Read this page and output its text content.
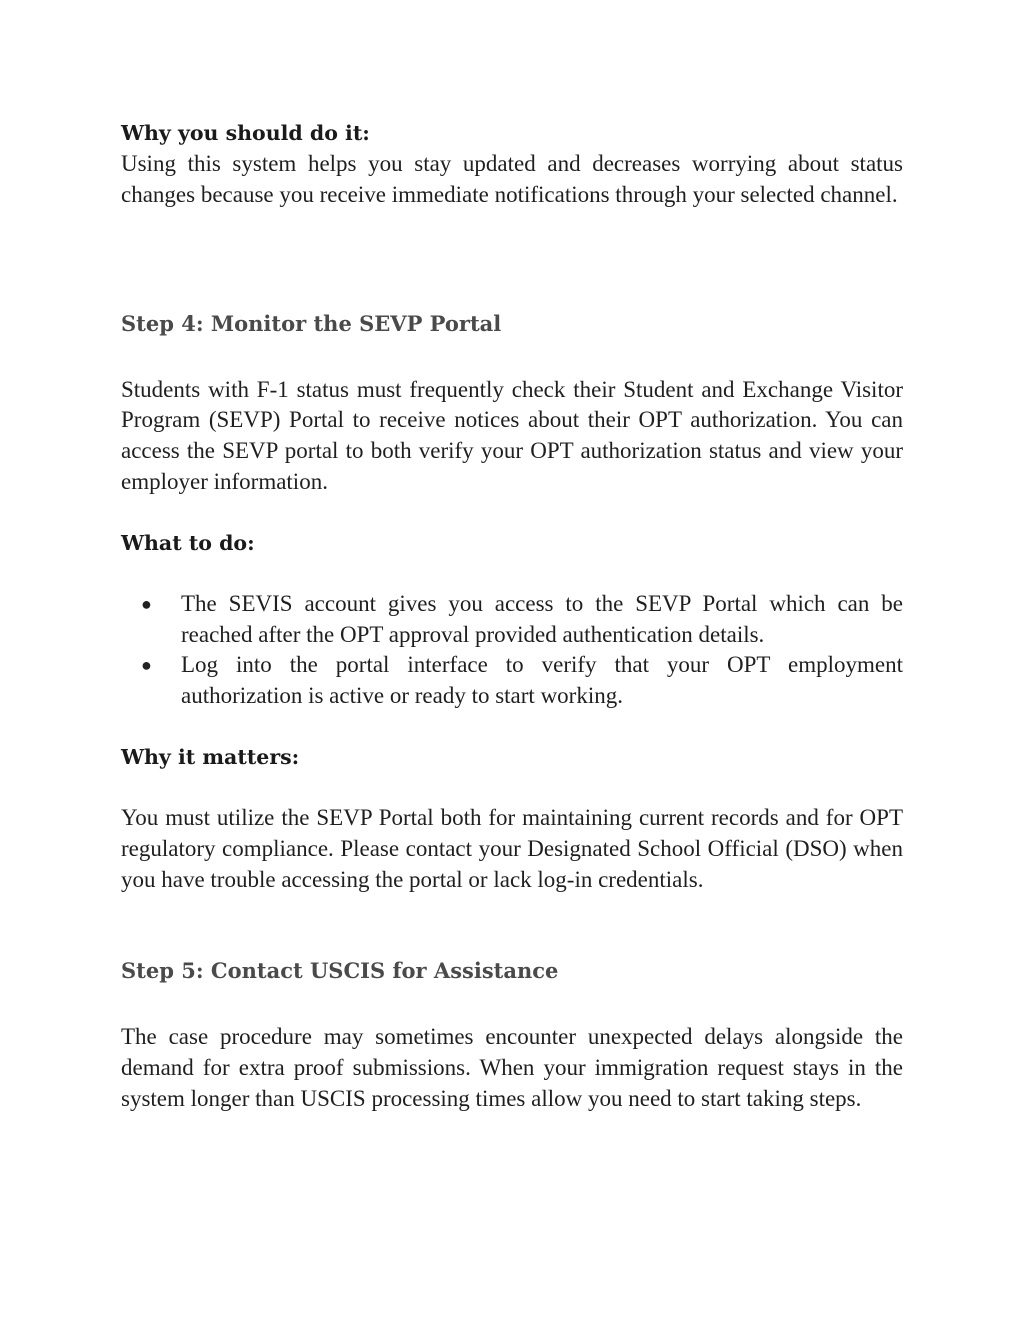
Why you should do it:

Using this system helps you stay updated and decreases worrying about status changes because you receive immediate notifications through your selected channel.

Step 4: Monitor the SEVP Portal

Students with F-1 status must frequently check their Student and Exchange Visitor Program (SEVP) Portal to receive notices about their OPT authorization. You can access the SEVP portal to both verify your OPT authorization status and view your employer information.

What to do:

● The SEVIS account gives you access to the SEVP Portal which can be reached after the OPT approval provided authentication details.
● Log into the portal interface to verify that your OPT employment authorization is active or ready to start working.

Why it matters:

You must utilize the SEVP Portal both for maintaining current records and for OPT regulatory compliance. Please contact your Designated School Official (DSO) when you have trouble accessing the portal or lack log-in credentials.

Step 5: Contact USCIS for Assistance

The case procedure may sometimes encounter unexpected delays alongside the demand for extra proof submissions. When your immigration request stays in the system longer than USCIS processing times allow you need to start taking steps.
